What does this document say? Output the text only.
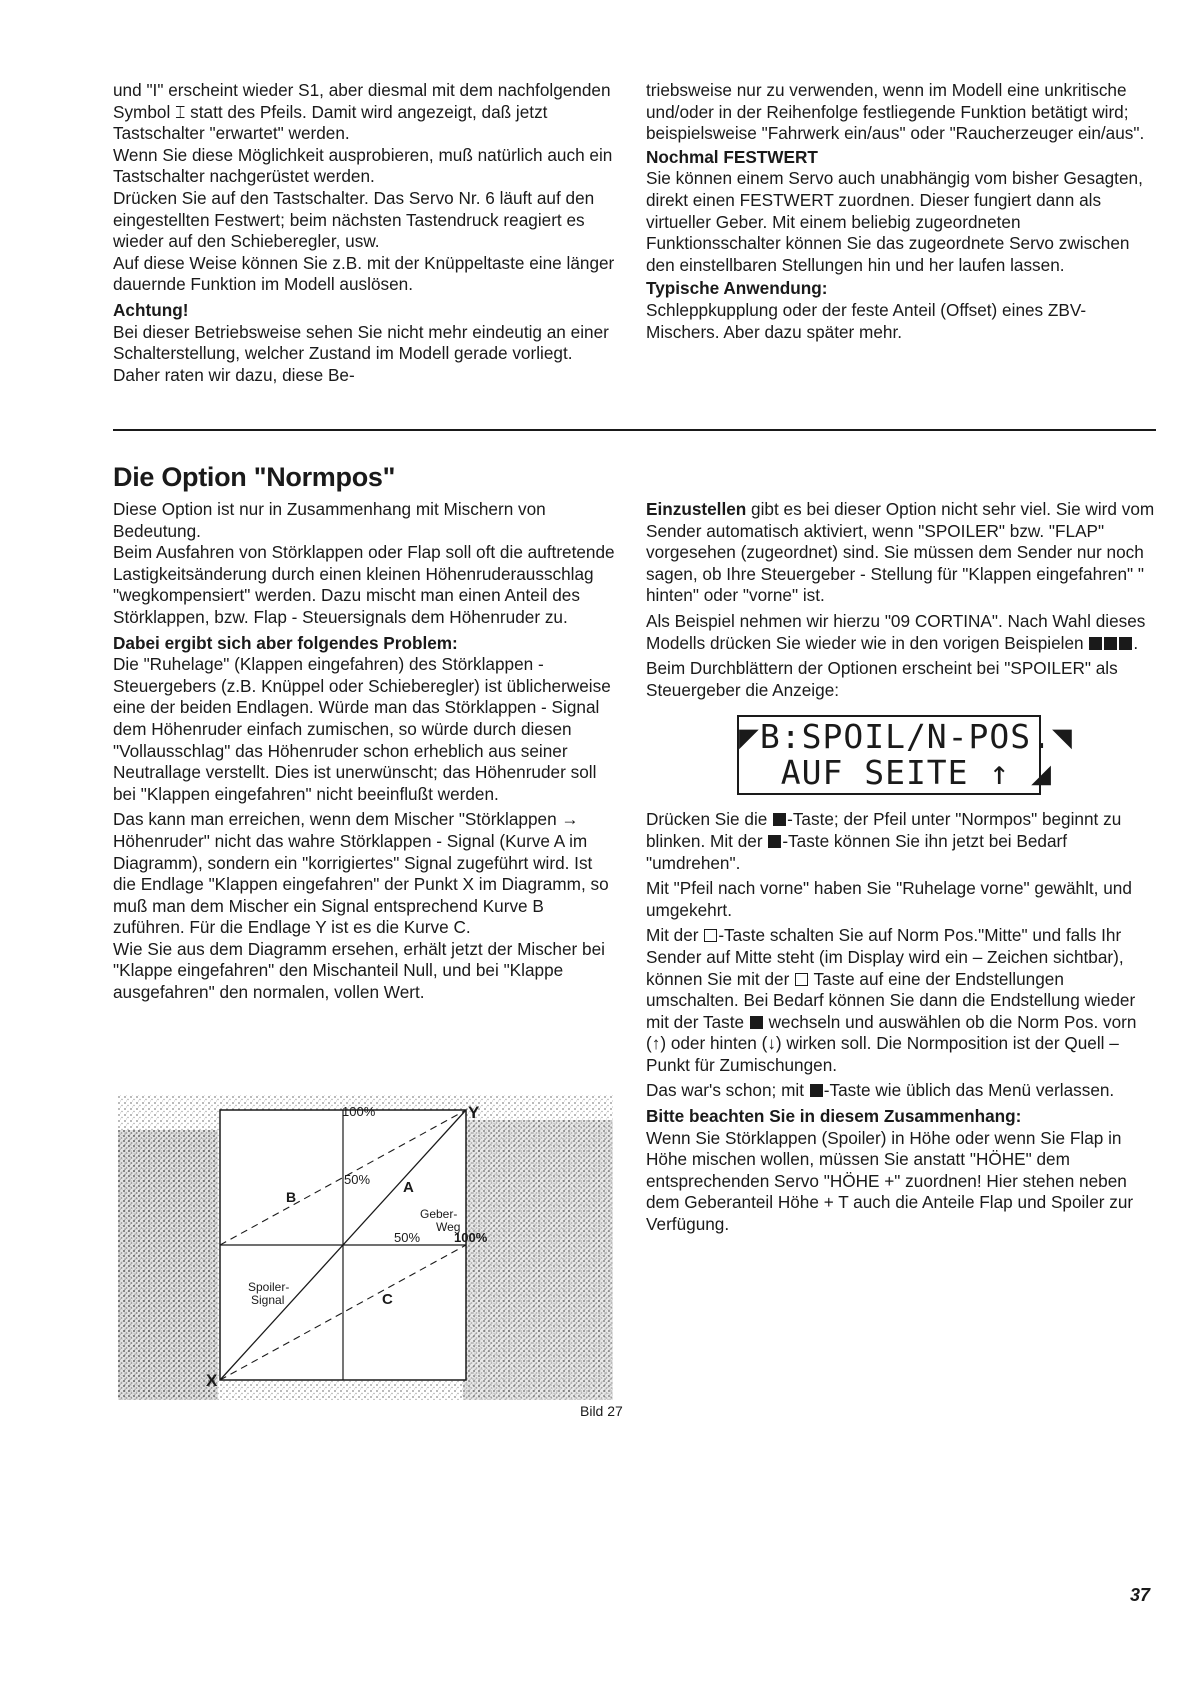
und "I" erscheint wieder S1, aber diesmal mit dem nachfolgenden Symbol ⌶ statt des Pfeils. Damit wird angezeigt, daß jetzt Tastschalter "erwartet" werden.

Wenn Sie diese Möglichkeit ausprobieren, muß natürlich auch ein Tastschalter nachgerüstet werden.

Drücken Sie auf den Tastschalter. Das Servo Nr. 6 läuft auf den eingestellten Festwert; beim nächsten Tastendruck reagiert es wieder auf den Schieberegler, usw.

Auf diese Weise können Sie z.B. mit der Knüppeltaste eine länger dauernde Funktion im Modell auslösen.

Achtung!

Bei dieser Betriebsweise sehen Sie nicht mehr eindeutig an einer Schalterstellung, welcher Zustand im Modell gerade vorliegt. Daher raten wir dazu, diese Be-

triebsweise nur zu verwenden, wenn im Modell eine unkritische und/oder in der Reihenfolge festliegende Funktion betätigt wird; beispielsweise "Fahrwerk ein/aus" oder "Raucherzeuger ein/aus".

Nochmal FESTWERT

Sie können einem Servo auch unabhängig vom bisher Gesagten, direkt einen FESTWERT zuordnen. Dieser fungiert dann als virtueller Geber. Mit einem beliebig zugeordneten Funktionsschalter können Sie das zugeordnete Servo zwischen den einstellbaren Stellungen hin und her laufen lassen.

Typische Anwendung:

Schleppkupplung oder der feste Anteil (Offset) eines ZBV-Mischers. Aber dazu später mehr.

Die Option "Normpos"

Diese Option ist nur in Zusammenhang mit Mischern von Bedeutung.

Beim Ausfahren von Störklappen oder Flap soll oft die auftretende Lastigkeitsänderung durch einen kleinen Höhenruderausschlag "wegkompensiert" werden. Dazu mischt man einen Anteil des Störklappen, bzw. Flap - Steuersignals dem Höhenruder zu.

Dabei ergibt sich aber folgendes Problem:

Die "Ruhelage" (Klappen eingefahren) des Störklappen - Steuergebers (z.B. Knüppel oder Schieberegler) ist üblicherweise eine der beiden Endlagen. Würde man das Störklappen - Signal dem Höhenruder einfach zumischen, so würde durch diesen "Vollausschlag" das Höhenruder schon erheblich aus seiner Neutrallage verstellt. Dies ist unerwünscht; das Höhenruder soll bei "Klappen eingefahren" nicht beeinflußt werden.

Das kann man erreichen, wenn dem Mischer "Störklappen → Höhenruder" nicht das wahre Störklappen - Signal (Kurve A im Diagramm), sondern ein "korrigiertes" Signal zugeführt wird. Ist die Endlage "Klappen eingefahren" der Punkt X im Diagramm, so muß man dem Mischer ein Signal entsprechend Kurve B zuführen. Für die Endlage Y ist es die Kurve C.

Wie Sie aus dem Diagramm ersehen, erhält jetzt der Mischer bei "Klappe eingefahren" den Mischanteil Null, und bei "Klappe ausgefahren" den normalen, vollen Wert.

100%	Y
50% A
B
Geber-
Weg
50%	100%
Spoiler-
Signal	C
X
Bild 27

Einzustellen gibt es bei dieser Option nicht sehr viel. Sie wird vom Sender automatisch aktiviert, wenn "SPOILER" bzw. "FLAP" vorgesehen (zugeordnet) sind. Sie müssen dem Sender nur noch sagen, ob Ihre Steuergeber - Stellung für "Klappen eingefahren" " hinten" oder "vorne" ist.

Als Beispiel nehmen wir hierzu "09 CORTINA". Nach Wahl dieses Modells drücken Sie wieder wie in den vorigen Beispielen	.

Beim Durchblättern der Optionen erscheint bei "SPOILER" als Steuergeber die Anzeige:

◤B:SPOIL/N-POS.◥
AUF SEITE ↑ ◢

Drücken Sie die -Taste; der Pfeil unter "Normpos" beginnt zu blinken. Mit der -Taste können Sie ihn jetzt bei Bedarf "umdrehen".

Mit "Pfeil nach vorne" haben Sie "Ruhelage vorne" gewählt, und umgekehrt.

Mit der -Taste schalten Sie auf Norm Pos."Mitte" und falls Ihr Sender auf Mitte steht (im Display wird ein – Zeichen sichtbar), können Sie mit der  Taste auf eine der Endstellungen umschalten. Bei Bedarf können Sie dann die Endstellung wieder mit der Taste  wechseln und auswählen ob die Norm Pos. vorn (↑) oder hinten (↓) wirken soll. Die Normposition ist der Quell – Punkt für Zumischungen.

Das war's schon; mit -Taste wie üblich das Menü verlassen.

Bitte beachten Sie in diesem Zusammenhang:

Wenn Sie Störklappen (Spoiler) in Höhe oder wenn Sie Flap in Höhe mischen wollen, müssen Sie anstatt "HÖHE" dem entsprechenden Servo "HÖHE +" zuordnen! Hier stehen neben dem Geberanteil Höhe + T auch die Anteile Flap und Spoiler zur Verfügung.

37
